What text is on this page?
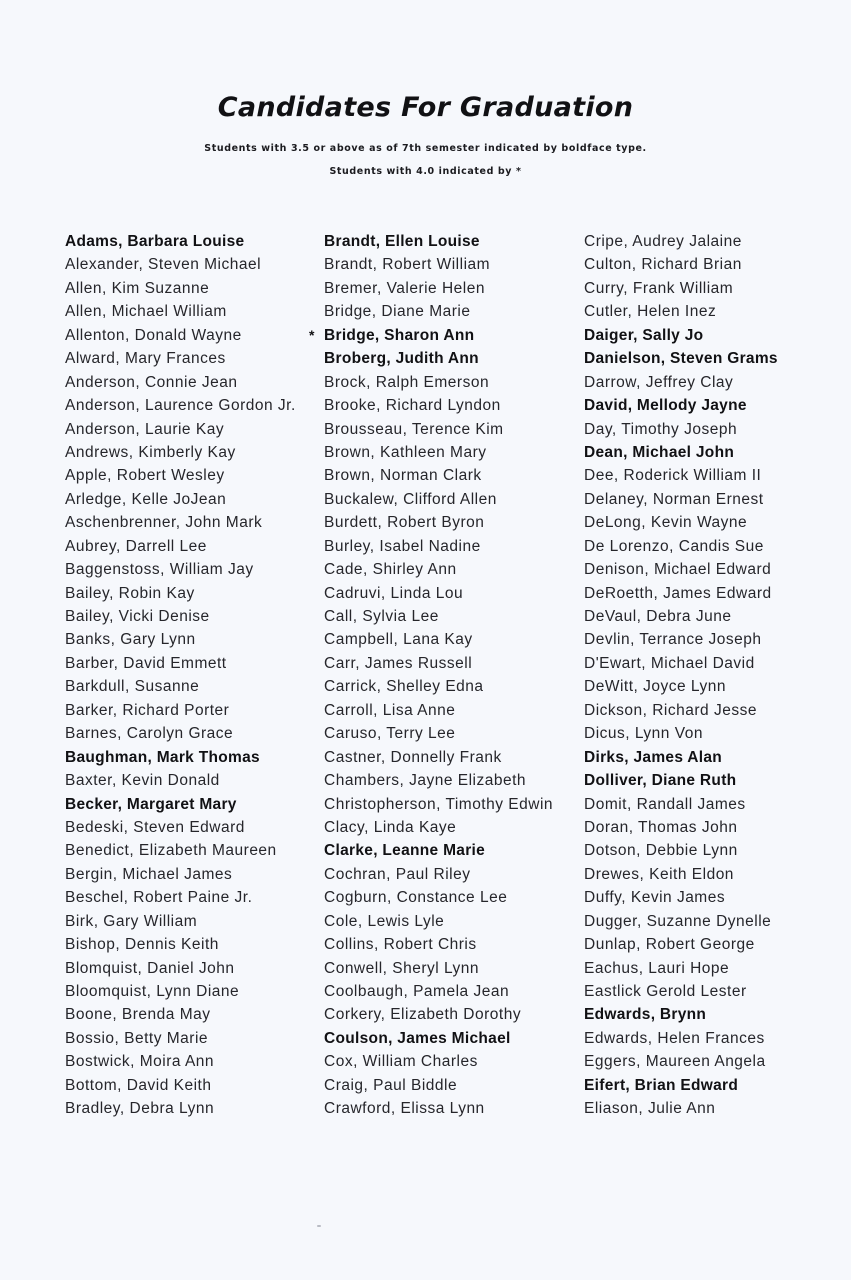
Candidates For Graduation
Students with 3.5 or above as of 7th semester indicated by boldface type.
Students with 4.0 indicated by *
Adams, Barbara Louise
Alexander, Steven Michael
Allen, Kim Suzanne
Allen, Michael William
Allenton, Donald Wayne
Alward, Mary Frances
Anderson, Connie Jean
Anderson, Laurence Gordon Jr.
Anderson, Laurie Kay
Andrews, Kimberly Kay
Apple, Robert Wesley
Arledge, Kelle JoJean
Aschenbrenner, John Mark
Aubrey, Darrell Lee
Baggenstoss, William Jay
Bailey, Robin Kay
Bailey, Vicki Denise
Banks, Gary Lynn
Barber, David Emmett
Barkdull, Susanne
Barker, Richard Porter
Barnes, Carolyn Grace
Baughman, Mark Thomas
Baxter, Kevin Donald
Becker, Margaret Mary
Bedeski, Steven Edward
Benedict, Elizabeth Maureen
Bergin, Michael James
Beschel, Robert Paine Jr.
Birk, Gary William
Bishop, Dennis Keith
Blomquist, Daniel John
Bloomquist, Lynn Diane
Boone, Brenda May
Bossio, Betty Marie
Bostwick, Moira Ann
Bottom, David Keith
Bradley, Debra Lynn
Brandt, Ellen Louise
Brandt, Robert William
Bremer, Valerie Helen
Bridge, Diane Marie
* Bridge, Sharon Ann
Broberg, Judith Ann
Brock, Ralph Emerson
Brooke, Richard Lyndon
Brousseau, Terence Kim
Brown, Kathleen Mary
Brown, Norman Clark
Buckalew, Clifford Allen
Burdett, Robert Byron
Burley, Isabel Nadine
Cade, Shirley Ann
Cadruvi, Linda Lou
Call, Sylvia Lee
Campbell, Lana Kay
Carr, James Russell
Carrick, Shelley Edna
Carroll, Lisa Anne
Caruso, Terry Lee
Castner, Donnelly Frank
Chambers, Jayne Elizabeth
Christopherson, Timothy Edwin
Clacy, Linda Kaye
Clarke, Leanne Marie
Cochran, Paul Riley
Cogburn, Constance Lee
Cole, Lewis Lyle
Collins, Robert Chris
Conwell, Sheryl Lynn
Coolbaugh, Pamela Jean
Corkery, Elizabeth Dorothy
Coulson, James Michael
Cox, William Charles
Craig, Paul Biddle
Crawford, Elissa Lynn
Cripe, Audrey Jalaine
Culton, Richard Brian
Curry, Frank William
Cutler, Helen Inez
Daiger, Sally Jo
Danielson, Steven Grams
Darrow, Jeffrey Clay
David, Mellody Jayne
Day, Timothy Joseph
Dean, Michael John
Dee, Roderick William II
Delaney, Norman Ernest
DeLong, Kevin Wayne
De Lorenzo, Candis Sue
Denison, Michael Edward
DeRoetth, James Edward
DeVaul, Debra June
Devlin, Terrance Joseph
D'Ewart, Michael David
DeWitt, Joyce Lynn
Dickson, Richard Jesse
Dicus, Lynn Von
Dirks, James Alan
Dolliver, Diane Ruth
Domit, Randall James
Doran, Thomas John
Dotson, Debbie Lynn
Drewes, Keith Eldon
Duffy, Kevin James
Dugger, Suzanne Dynelle
Dunlap, Robert George
Eachus, Lauri Hope
Eastlick Gerold Lester
Edwards, Brynn
Edwards, Helen Frances
Eggers, Maureen Angela
Eifert, Brian Edward
Eliason, Julie Ann
